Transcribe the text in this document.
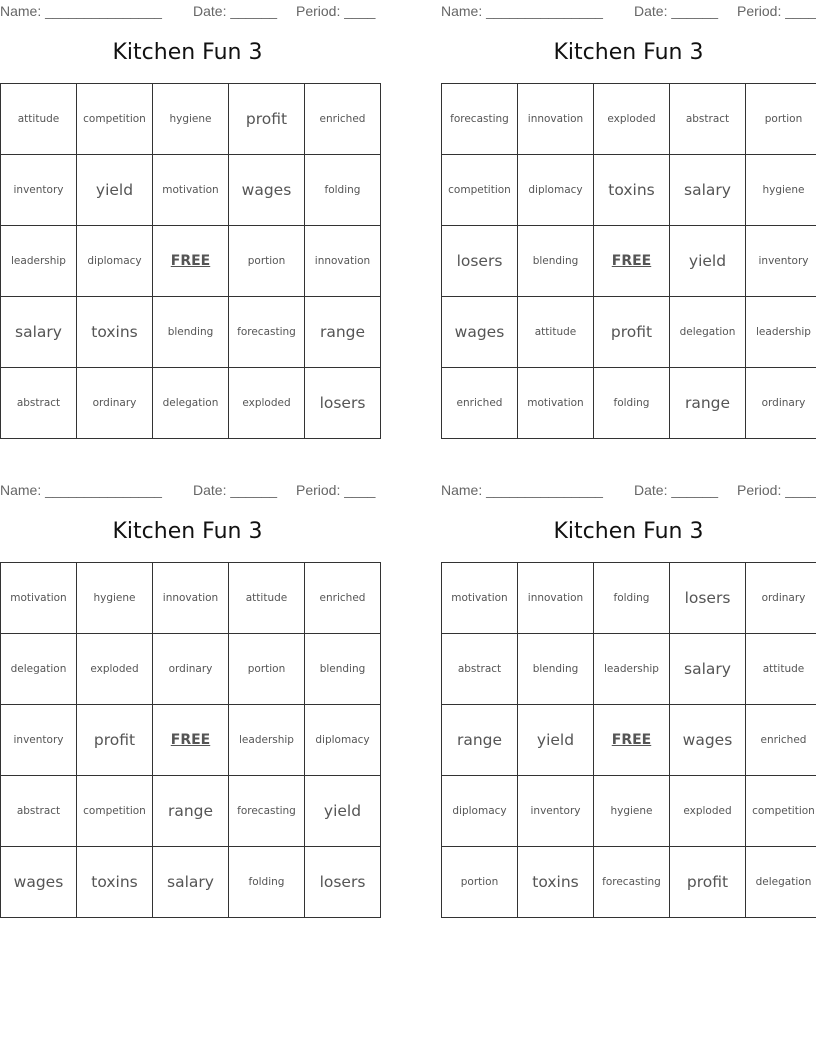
Name: _______________ Date: ______ Period: ____
Kitchen Fun 3
attitude	competition	hygiene	profit	enriched
inventory	yield	motivation	wages	folding
leadership	diplomacy	FREE	portion	innovation
salary	toxins	blending	forecasting	range
abstract	ordinary	delegation	exploded	losers
Name: _______________ Date: ______ Period: ____
Kitchen Fun 3
forecasting	innovation	exploded	abstract	portion
competition	diplomacy	toxins	salary	hygiene
losers	blending	FREE	yield	inventory
wages	attitude	profit	delegation	leadership
enriched	motivation	folding	range	ordinary
Name: _______________ Date: ______ Period: ____
Kitchen Fun 3
motivation	hygiene	innovation	attitude	enriched
delegation	exploded	ordinary	portion	blending
inventory	profit	FREE	leadership	diplomacy
abstract	competition	range	forecasting	yield
wages	toxins	salary	folding	losers
Name: _______________ Date: ______ Period: ____
Kitchen Fun 3
motivation	innovation	folding	losers	ordinary
abstract	blending	leadership	salary	attitude
range	yield	FREE	wages	enriched
diplomacy	inventory	hygiene	exploded	competition
portion	toxins	forecasting	profit	delegation
